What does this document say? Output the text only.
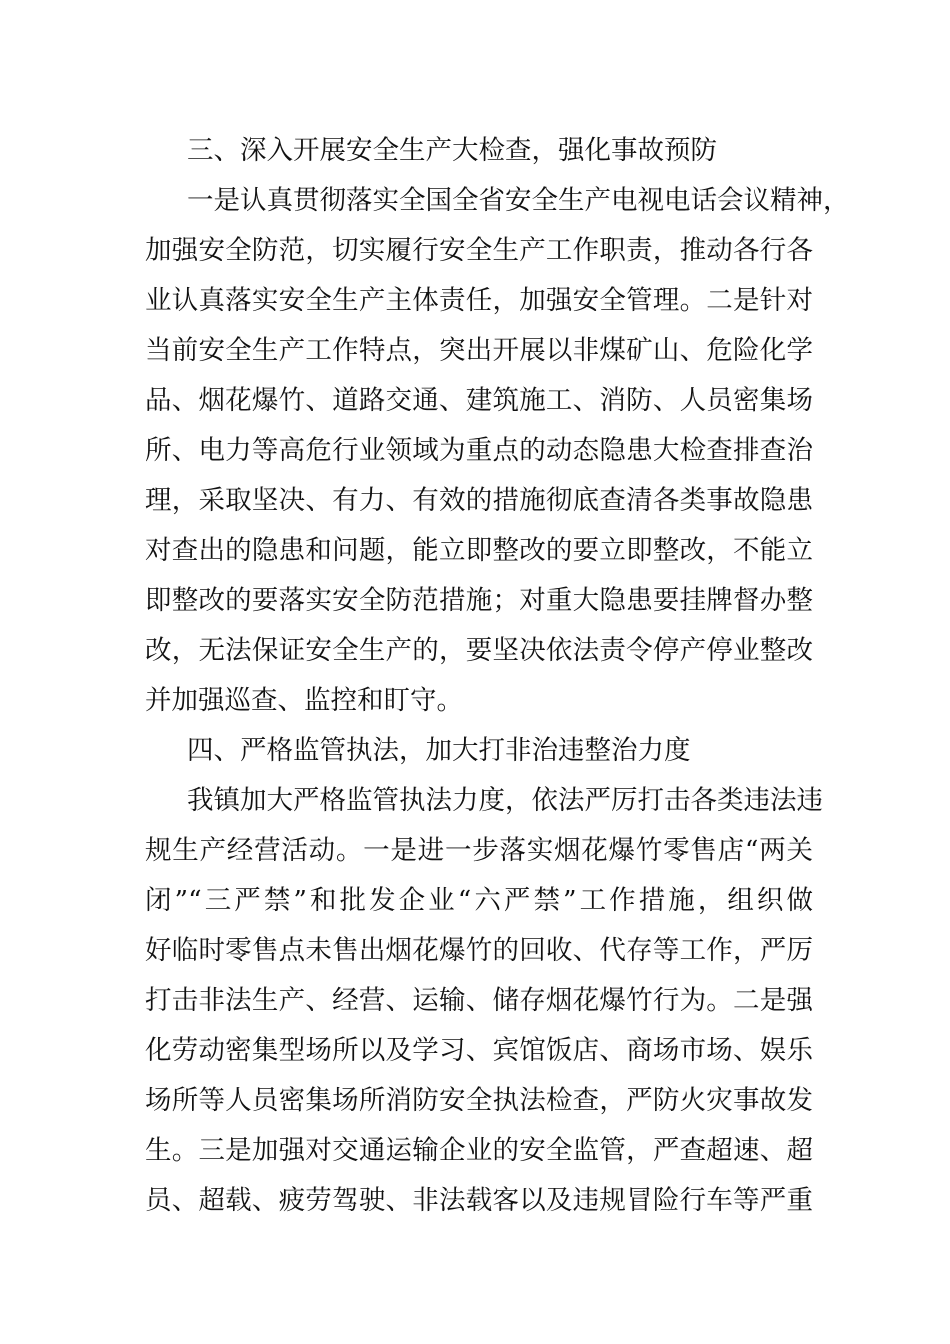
三、深入开展安全生产大检查，强化事故预防
一是认真贯彻落实全国全省安全生产电视电话会议精神，
加强安全防范，切实履行安全生产工作职责，推动各行各
业认真落实安全生产主体责任，加强安全管理。二是针对
当前安全生产工作特点，突出开展以非煤矿山、危险化学
品、烟花爆竹、道路交通、建筑施工、消防、人员密集场
所、电力等高危行业领域为重点的动态隐患大检查排查治
理，采取坚决、有力、有效的措施彻底查清各类事故隐患
对查出的隐患和问题，能立即整改的要立即整改，不能立
即整改的要落实安全防范措施；对重大隐患要挂牌督办整
改，无法保证安全生产的，要坚决依法责令停产停业整改
并加强巡查、监控和盯守。
四、严格监管执法，加大打非治违整治力度
我镇加大严格监管执法力度，依法严厉打击各类违法违
规生产经营活动。一是进一步落实烟花爆竹零售店“两关
闭”“三严禁”和批发企业“六严禁”工作措施，组织做
好临时零售点未售出烟花爆竹的回收、代存等工作，严厉
打击非法生产、经营、运输、储存烟花爆竹行为。二是强
化劳动密集型场所以及学习、宾馆饭店、商场市场、娱乐
场所等人员密集场所消防安全执法检查，严防火灾事故发
生。三是加强对交通运输企业的安全监管，严查超速、超
员、超载、疲劳驾驶、非法载客以及违规冒险行车等严重
